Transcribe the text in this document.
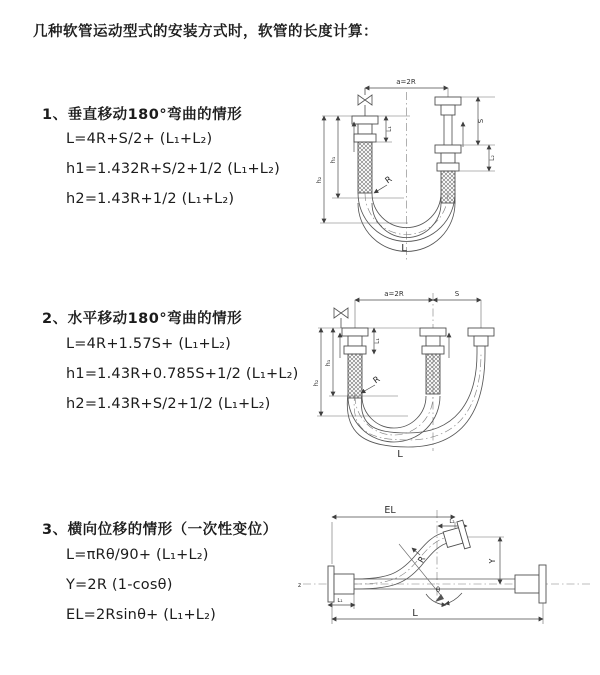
几种软管运动型式的安装方式时，软管的长度计算：
1、垂直移动180°弯曲的情形
L=4R+S/2+ (L₁+L₂)
h1=1.432R+S/2+1/2 (L₁+L₂)
h2=1.43R+1/2 (L₁+L₂)
a=2R
L₁
h₁
h₂
S
L₂
R
L
2、水平移动180°弯曲的情形
L=4R+1.57S+ (L₁+L₂)
h1=1.43R+0.785S+1/2 (L₁+L₂)
h2=1.43R+S/2+1/2 (L₁+L₂)
a=2R	S
L₁
h₁
h₂	R
L
3、横向位移的情形（一次性变位）
L=πRθ/90+ (L₁+L₂)
Y=2R (1-cosθ)
EL=2Rsinθ+ (L₁+L₂)
z
EL
L₂
R
θ
Y
L₁
L
